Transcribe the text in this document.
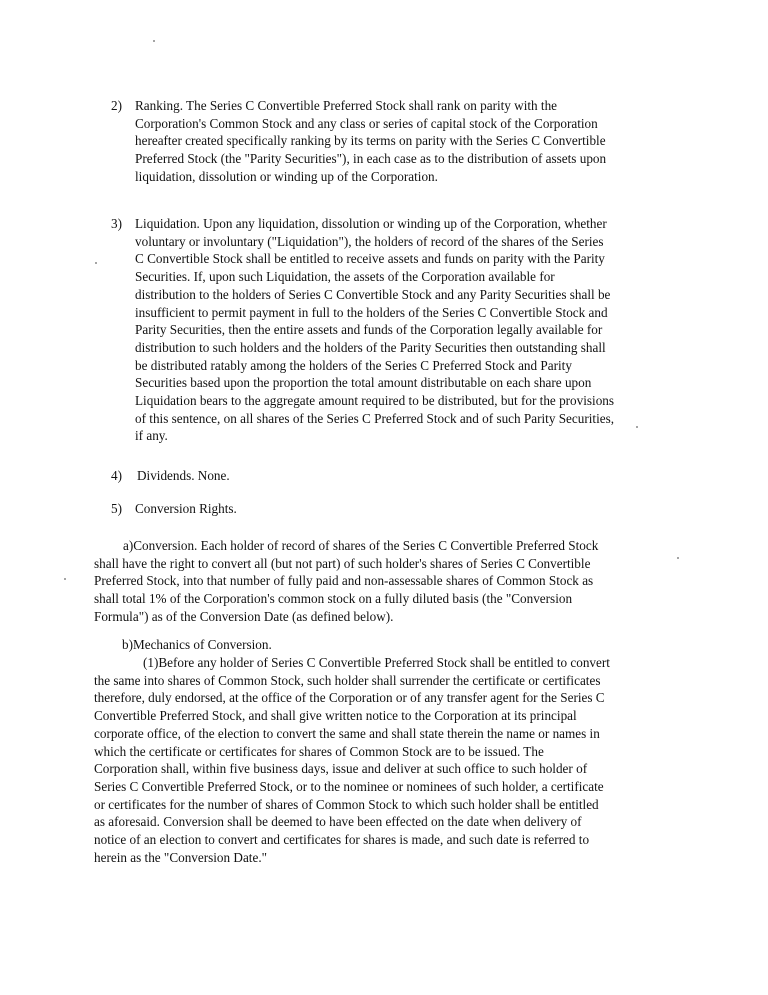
2) Ranking. The Series C Convertible Preferred Stock shall rank on parity with the
Corporation's Common Stock and any class or series of capital stock of the Corporation
hereafter created specifically ranking by its terms on parity with the Series C Convertible
Preferred Stock (the "Parity Securities"), in each case as to the distribution of assets upon
liquidation, dissolution or winding up of the Corporation.
3) Liquidation. Upon any liquidation, dissolution or winding up of the Corporation, whether
voluntary or involuntary ("Liquidation"), the holders of record of the shares of the Series
C Convertible Stock shall be entitled to receive assets and funds on parity with the Parity
Securities. If, upon such Liquidation, the assets of the Corporation available for
distribution to the holders of Series C Convertible Stock and any Parity Securities shall be
insufficient to permit payment in full to the holders of the Series C Convertible Stock and
Parity Securities, then the entire assets and funds of the Corporation legally available for
distribution to such holders and the holders of the Parity Securities then outstanding shall
be distributed ratably among the holders of the Series C Preferred Stock and Parity
Securities based upon the proportion the total amount distributable on each share upon
Liquidation bears to the aggregate amount required to be distributed, but for the provisions
of this sentence, on all shares of the Series C Preferred Stock and of such Parity Securities,
if any.
4) Dividends. None.
5) Conversion Rights.
a)Conversion. Each holder of record of shares of the Series C Convertible Preferred Stock
shall have the right to convert all (but not part) of such holder's shares of Series C Convertible
Preferred Stock, into that number of fully paid and non-assessable shares of Common Stock as
shall total 1% of the Corporation's common stock on a fully diluted basis (the "Conversion
Formula") as of the Conversion Date (as defined below).
b)Mechanics of Conversion.
(1)Before any holder of Series C Convertible Preferred Stock shall be entitled to convert
the same into shares of Common Stock, such holder shall surrender the certificate or certificates
therefore, duly endorsed, at the office of the Corporation or of any transfer agent for the Series C
Convertible Preferred Stock, and shall give written notice to the Corporation at its principal
corporate office, of the election to convert the same and shall state therein the name or names in
which the certificate or certificates for shares of Common Stock are to be issued. The
Corporation shall, within five business days, issue and deliver at such office to such holder of
Series C Convertible Preferred Stock, or to the nominee or nominees of such holder, a certificate
or certificates for the number of shares of Common Stock to which such holder shall be entitled
as aforesaid. Conversion shall be deemed to have been effected on the date when delivery of
notice of an election to convert and certificates for shares is made, and such date is referred to
herein as the "Conversion Date."
